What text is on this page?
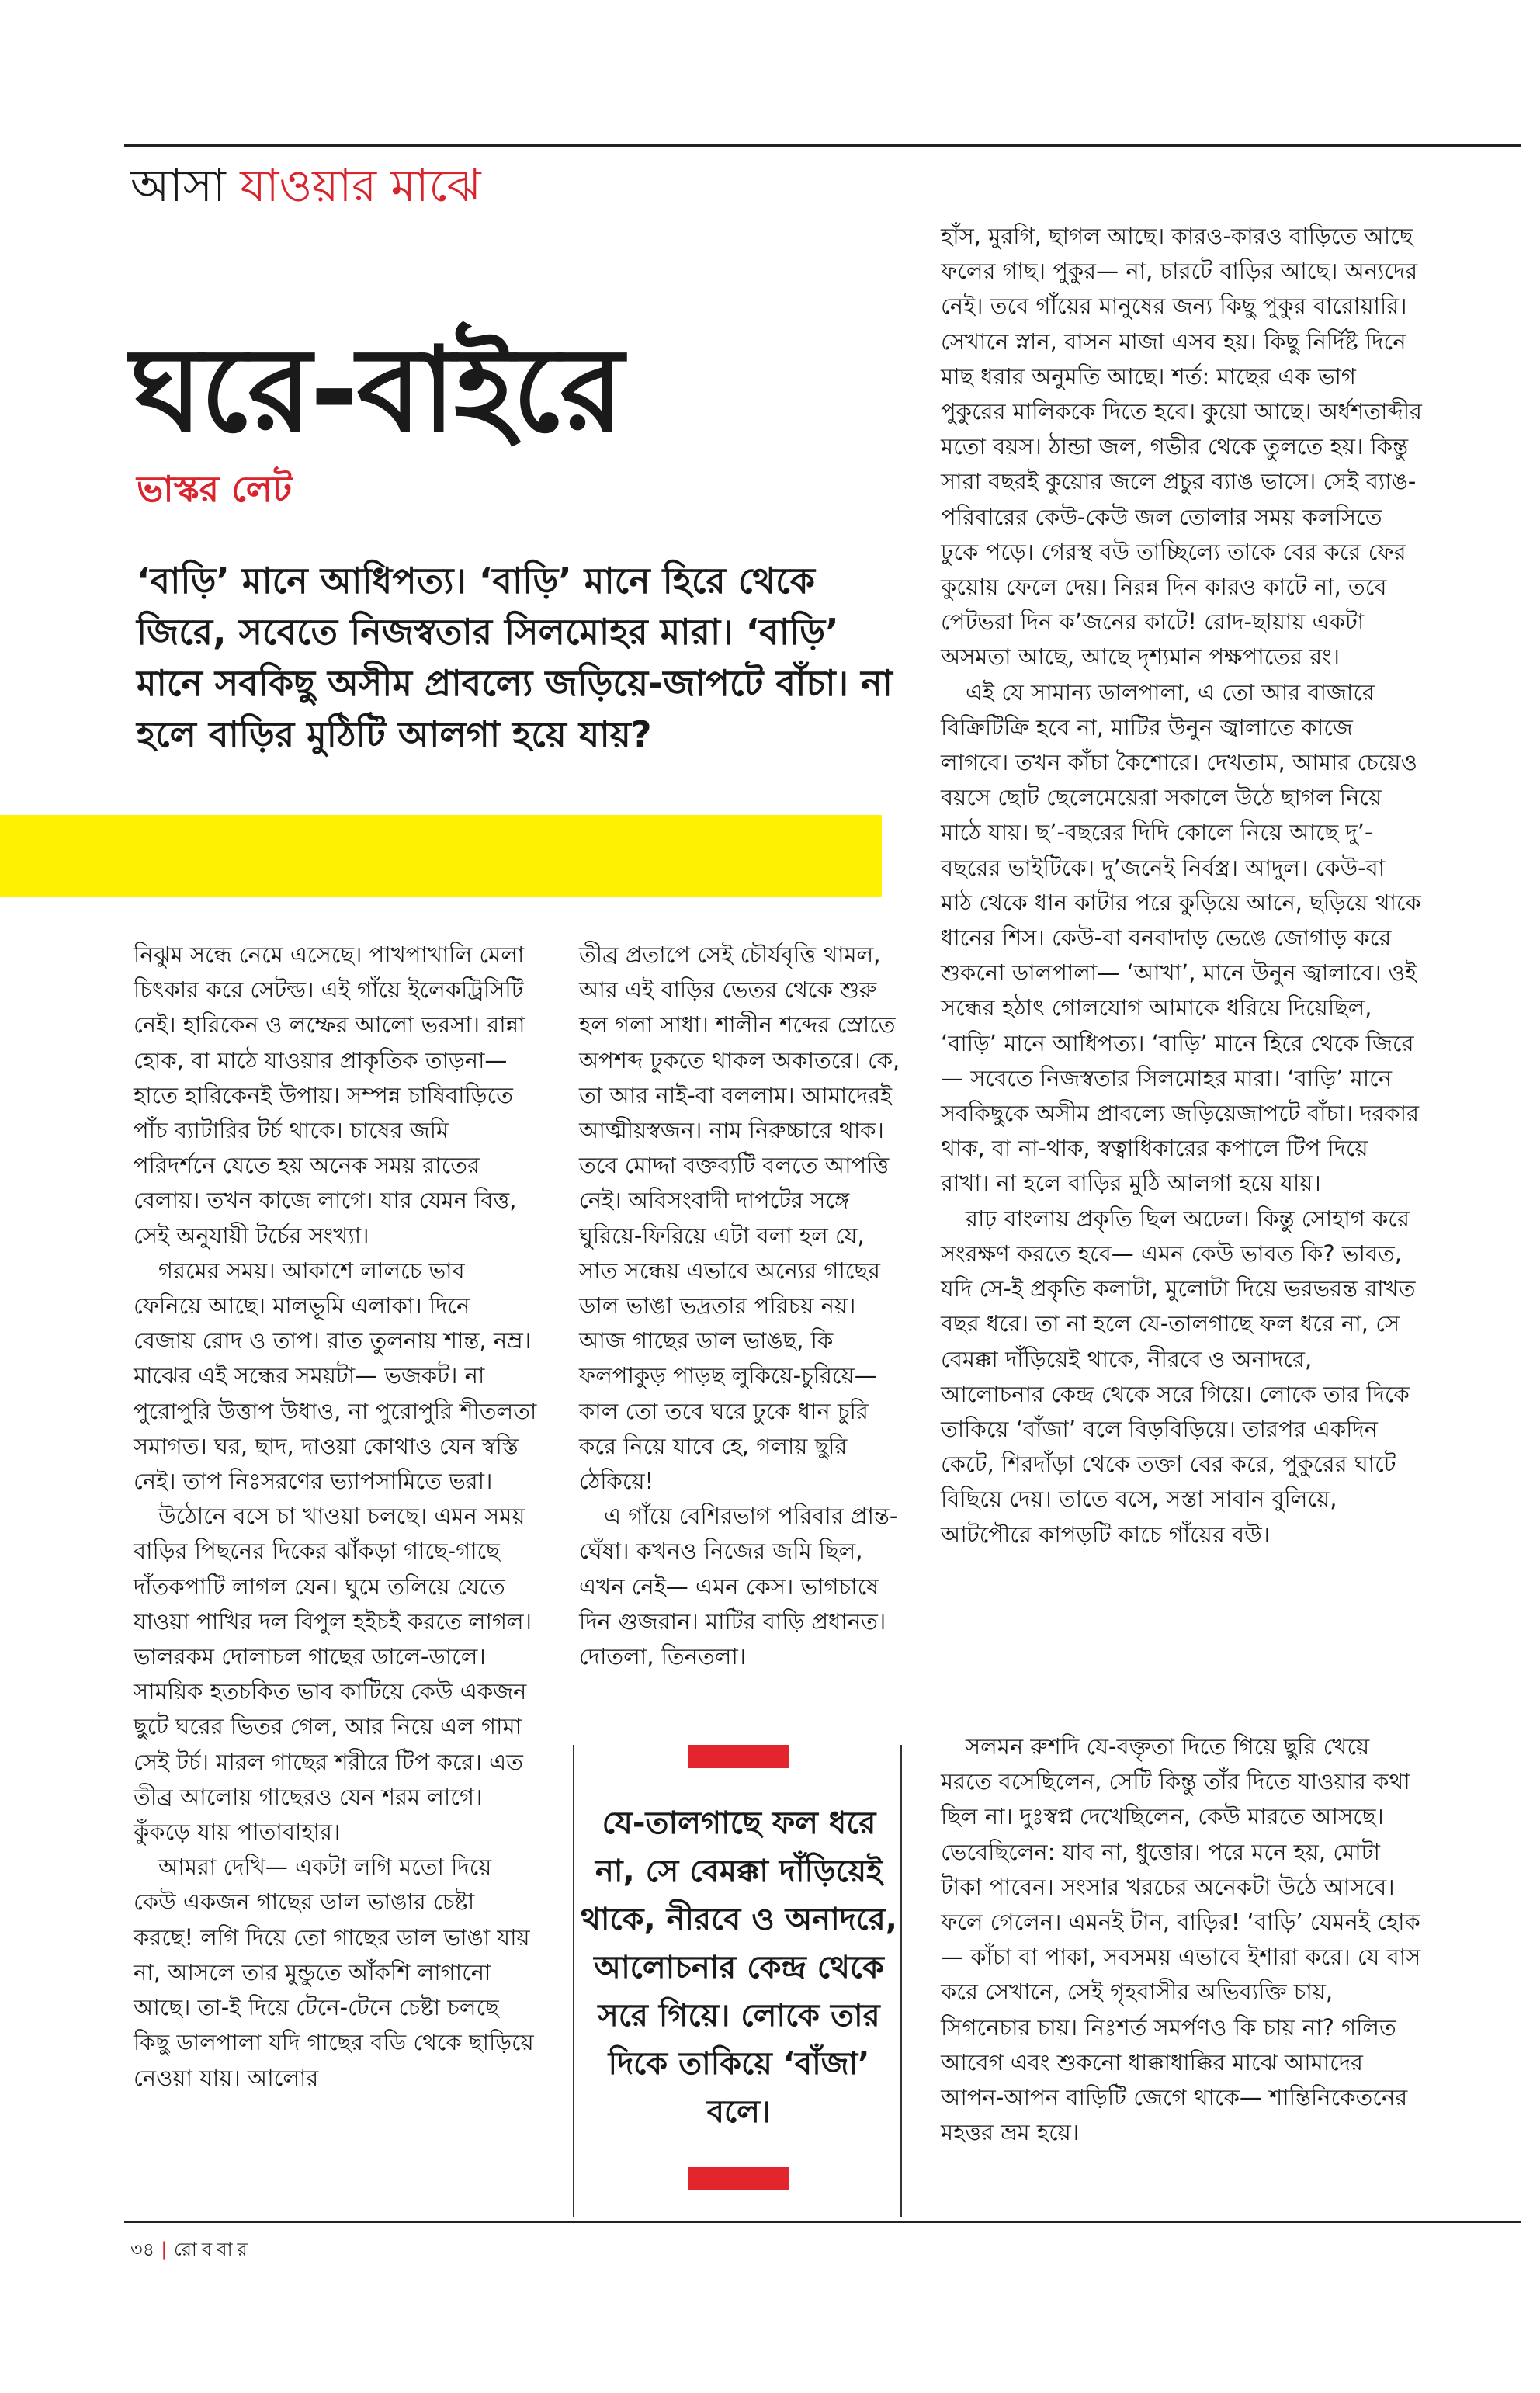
আসা যাওয়ার মাঝে
ঘরে-বাইরে
ভাস্কর লেট
‘বাড়ি’ মানে আধিপত্য। ‘বাড়ি’ মানে হিরে থেকে জিরে, সবেতে নিজস্বতার সিলমোহর মারা। ‘বাড়ি’ মানে সবকিছু অসীম প্রাবল্যে জড়িয়ে-জাপটে বাঁচা। না হলে বাড়ির মুঠিটি আলগা হয়ে যায়?

হাঁস, মুরগি, ছাগল আছে। কারও-কারও বাড়িতে আছে ফলের গাছ। পুকুর— না, চারটে বাড়ির আছে। অন্যদের নেই। তবে গাঁয়ের মানুষের জন্য কিছু পুকুর বারোয়ারি। সেখানে স্নান, বাসন মাজা এসব হয়। কিছু নির্দিষ্ট দিনে মাছ ধরার অনুমতি আছে। শর্ত: মাছের এক ভাগ পুকুরের মালিককে দিতে হবে। কুয়ো আছে। অর্ধশতাব্দীর মতো বয়স। ঠান্ডা জল, গভীর থেকে তুলতে হয়। কিন্তু সারা বছরই কুয়োর জলে প্রচুর ব্যাঙ ভাসে। সেই ব্যাঙ-পরিবারের কেউ-কেউ জল তোলার সময় কলসিতে ঢুকে পড়ে। গেরস্থ বউ তাচ্ছিল্যে তাকে বের করে ফের কুয়োয় ফেলে দেয়। নিরন্ন দিন কারও কাটে না, তবে পেটভরা দিন ক’জনের কাটে! রোদ-ছায়ায় একটা অসমতা আছে, আছে দৃশ্যমান পক্ষপাতের রং।

এই যে সামান্য ডালপালা, এ তো আর বাজারে বিক্রিটিক্রি হবে না, মাটির উনুন জ্বালাতে কাজে লাগবে। তখন কাঁচা কৈশোরে। দেখতাম, আমার চেয়েও বয়সে ছোট ছেলেমেয়েরা সকালে উঠে ছাগল নিয়ে মাঠে যায়। ছ’-বছরের দিদি কোলে নিয়ে আছে দু’-বছরের ভাইটিকে। দু’জনেই নির্বস্ত্র। আদুল। কেউ-বা মাঠ থেকে ধান কাটার পরে কুড়িয়ে আনে, ছড়িয়ে থাকে ধানের শিস। কেউ-বা বনবাদাড় ভেঙে জোগাড় করে শুকনো ডালপালা— ‘আখা’, মানে উনুন জ্বালাবে। ওই সন্ধের হঠাৎ গোলযোগ আমাকে ধরিয়ে দিয়েছিল, ‘বাড়ি’ মানে আধিপত্য। ‘বাড়ি’ মানে হিরে থেকে জিরে— সবেতে নিজস্বতার সিলমোহর মারা। ‘বাড়ি’ মানে সবকিছুকে অসীম প্রাবল্যে জড়িয়েজাপটে বাঁচা। দরকার থাক, বা না-থাক, স্বত্বাধিকারের কপালে টিপ দিয়ে রাখা। না হলে বাড়ির মুঠি আলগা হয়ে যায়।

রাঢ় বাংলায় প্রকৃতি ছিল অঢেল। কিন্তু সোহাগ করে সংরক্ষণ করতে হবে— এমন কেউ ভাবত কি? ভাবত, যদি সে-ই প্রকৃতি কলাটা, মুলোটা দিয়ে ভরভরন্ত রাখত বছর ধরে। তা না হলে যে-তালগাছে ফল ধরে না, সে বেমক্কা দাঁড়িয়েই থাকে, নীরবে ও অনাদরে, আলোচনার কেন্দ্র থেকে সরে গিয়ে। লোকে তার দিকে তাকিয়ে ‘বাঁজা’ বলে বিড়বিড়িয়ে। তারপর একদিন কেটে, শিরদাঁড়া থেকে তক্তা বের করে, পুকুরের ঘাটে বিছিয়ে দেয়। তাতে বসে, সস্তা সাবান বুলিয়ে, আটপৌরে কাপড়টি কাচে গাঁয়ের বউ।

নিঝুম সন্ধে নেমে এসেছে। পাখপাখালি মেলা চিৎকার করে সেটল্ড। এই গাঁয়ে ইলেকট্রিসিটি নেই। হারিকেন ও লম্ফের আলো ভরসা। রান্না হোক, বা মাঠে যাওয়ার প্রাকৃতিক তাড়না— হাতে হারিকেনই উপায়। সম্পন্ন চাষিবাড়িতে পাঁচ ব্যাটারির টর্চ থাকে। চাষের জমি পরিদর্শনে যেতে হয় অনেক সময় রাতের বেলায়। তখন কাজে লাগে। যার যেমন বিত্ত, সেই অনুযায়ী টর্চের সংখ্যা।

গরমের সময়। আকাশে লালচে ভাব ফেনিয়ে আছে। মালভূমি এলাকা। দিনে বেজায় রোদ ও তাপ। রাত তুলনায় শান্ত, নম্র। মাঝের এই সন্ধের সময়টা— ভজকট। না পুরোপুরি উত্তাপ উধাও, না পুরোপুরি শীতলতা সমাগত। ঘর, ছাদ, দাওয়া কোথাও যেন স্বস্তি নেই। তাপ নিঃসরণের ভ্যাপসামিতে ভরা।

উঠোনে বসে চা খাওয়া চলছে। এমন সময় বাড়ির পিছনের দিকের ঝাঁকড়া গাছে-গাছে দাঁতকপাটি লাগল যেন। ঘুমে তলিয়ে যেতে যাওয়া পাখির দল বিপুল হইচই করতে লাগল। ভালরকম দোলাচল গাছের ডালে-ডালে। সাময়িক হতচকিত ভাব কাটিয়ে কেউ একজন ছুটে ঘরের ভিতর গেল, আর নিয়ে এল গামা সেই টর্চ। মারল গাছের শরীরে টিপ করে। এত তীব্র আলোয় গাছেরও যেন শরম লাগে। কুঁকড়ে যায় পাতাবাহার।

আমরা দেখি— একটা লগি মতো দিয়ে কেউ একজন গাছের ডাল ভাঙার চেষ্টা করছে! লগি দিয়ে তো গাছের ডাল ভাঙা যায় না, আসলে তার মুন্ডুতে আঁকশি লাগানো আছে। তা-ই দিয়ে টেনে-টেনে চেষ্টা চলছে কিছু ডালপালা যদি গাছের বডি থেকে ছাড়িয়ে নেওয়া যায়। আলোর

তীব্র প্রতাপে সেই চৌর্যবৃত্তি থামল, আর এই বাড়ির ভেতর থেকে শুরু হল গলা সাধা। শালীন শব্দের স্রোতে অপশব্দ ঢুকতে থাকল অকাতরে। কে, তা আর নাই-বা বললাম। আমাদেরই আত্মীয়স্বজন। নাম নিরুচ্চারে থাক। তবে মোদ্দা বক্তব্যটি বলতে আপত্তি নেই। অবিসংবাদী দাপটের সঙ্গে ঘুরিয়ে-ফিরিয়ে এটা বলা হল যে, সাত সন্ধেয় এভাবে অন্যের গাছের ডাল ভাঙা ভদ্রতার পরিচয় নয়। আজ গাছের ডাল ভাঙছ, কি ফলপাকুড় পাড়ছ লুকিয়ে-চুরিয়ে— কাল তো তবে ঘরে ঢুকে ধান চুরি করে নিয়ে যাবে হে, গলায় ছুরি ঠেকিয়ে!

এ গাঁয়ে বেশিরভাগ পরিবার প্রান্ত-ঘেঁষা। কখনও নিজের জমি ছিল, এখন নেই— এমন কেস। ভাগচাষে দিন গুজরান। মাটির বাড়ি প্রধানত। দোতলা, তিনতলা।

যে-তালগাছে ফল ধরে না, সে বেমক্কা দাঁড়িয়েই থাকে, নীরবে ও অনাদরে, আলোচনার কেন্দ্র থেকে সরে গিয়ে। লোকে তার দিকে তাকিয়ে ‘বাঁজা’ বলে।

সলমন রুশদি যে-বক্তৃতা দিতে গিয়ে ছুরি খেয়ে মরতে বসেছিলেন, সেটি কিন্তু তাঁর দিতে যাওয়ার কথা ছিল না। দুঃস্বপ্ন দেখেছিলেন, কেউ মারতে আসছে। ভেবেছিলেন: যাব না, ধুত্তোর। পরে মনে হয়, মোটা টাকা পাবেন। সংসার খরচের অনেকটা উঠে আসবে। ফলে গেলেন। এমনই টান, বাড়ির! ‘বাড়ি’ যেমনই হোক— কাঁচা বা পাকা, সবসময় এভাবে ইশারা করে। যে বাস করে সেখানে, সেই গৃহবাসীর অভিব্যক্তি চায়, সিগনেচার চায়। নিঃশর্ত সমর্পণও কি চায় না? গলিত আবেগ এবং শুকনো ধাক্কাধাক্কির মাঝে আমাদের আপন-আপন বাড়িটি জেগে থাকে— শান্তিনিকেতনের মহত্তর ভ্রম হয়ে।

৩৪ | রোববার
